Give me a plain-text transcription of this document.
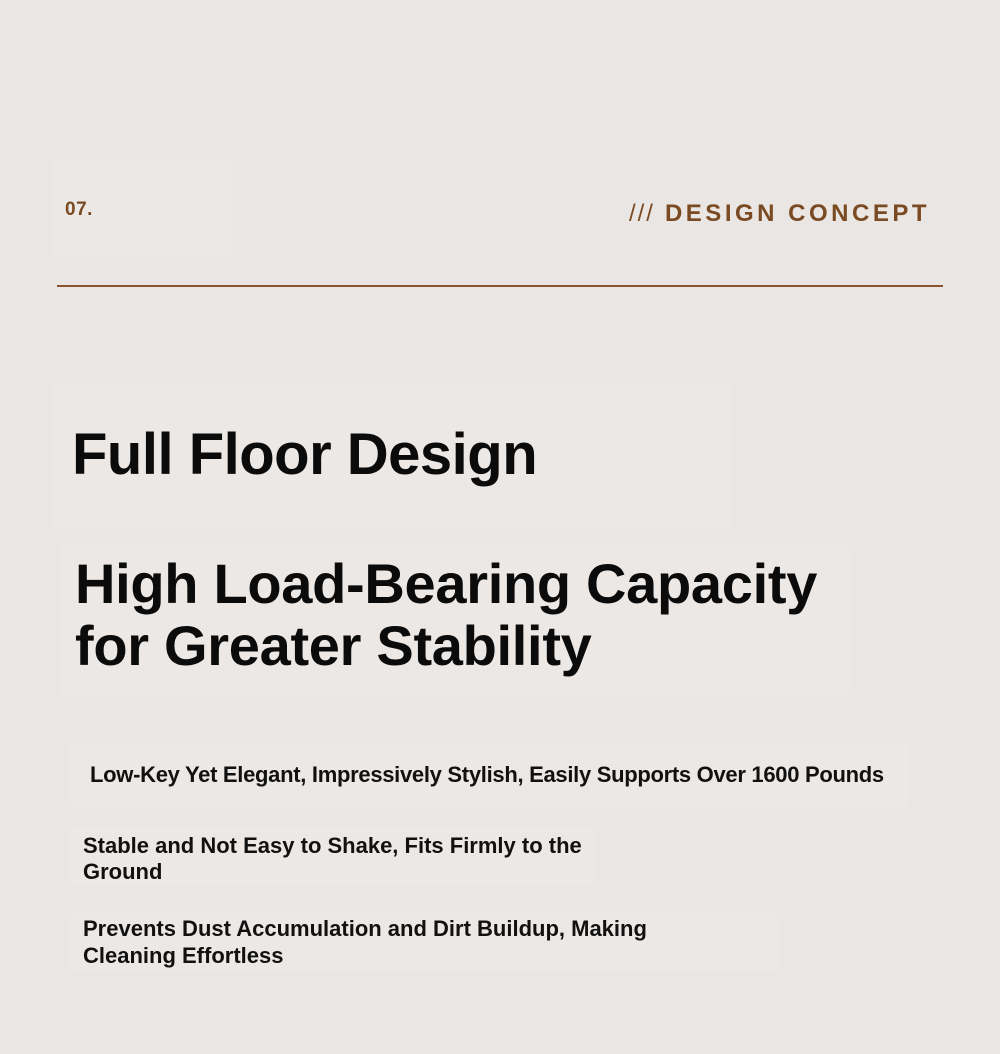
07.	/// DESIGN CONCEPT
Full Floor Design
High Load-Bearing Capacity for Greater Stability

Low-Key Yet Elegant, Impressively Stylish, Easily Supports Over 1600 Pounds

Stable and Not Easy to Shake, Fits Firmly to the Ground

Prevents Dust Accumulation and Dirt Buildup, Making Cleaning Effortless
